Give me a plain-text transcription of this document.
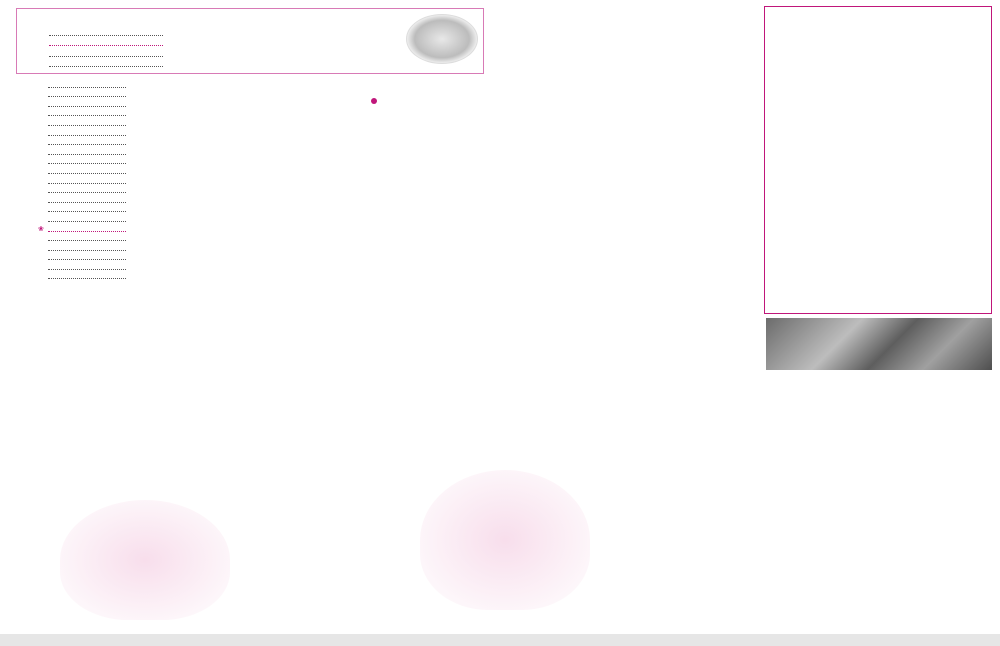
❀
